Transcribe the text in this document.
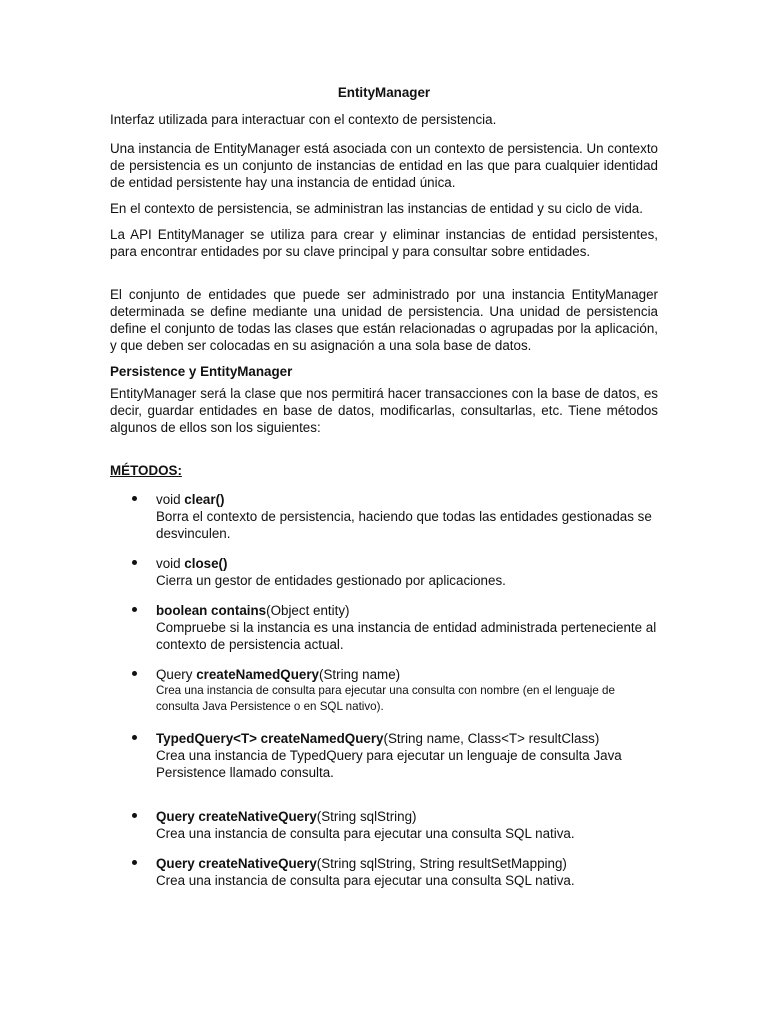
EntityManager

Interfaz utilizada para interactuar con el contexto de persistencia.

Una instancia de EntityManager está asociada con un contexto de persistencia. Un contexto de persistencia es un conjunto de instancias de entidad en las que para cualquier identidad de entidad persistente hay una instancia de entidad única.

En el contexto de persistencia, se administran las instancias de entidad y su ciclo de vida.

La API EntityManager se utiliza para crear y eliminar instancias de entidad persistentes, para encontrar entidades por su clave principal y para consultar sobre entidades.

El conjunto de entidades que puede ser administrado por una instancia EntityManager determinada se define mediante una unidad de persistencia. Una unidad de persistencia define el conjunto de todas las clases que están relacionadas o agrupadas por la aplicación, y que deben ser colocadas en su asignación a una sola base de datos.

Persistence y EntityManager

EntityManager será la clase que nos permitirá hacer transacciones con la base de datos, es decir, guardar entidades en base de datos, modificarlas, consultarlas, etc. Tiene métodos algunos de ellos son los siguientes:

MÉTODOS:
void clear()
Borra el contexto de persistencia, haciendo que todas las entidades gestionadas se desvinculen.
void close()
Cierra un gestor de entidades gestionado por aplicaciones.
boolean contains(Object entity)
Compruebe si la instancia es una instancia de entidad administrada perteneciente al contexto de persistencia actual.
Query createNamedQuery(String name)
Crea una instancia de consulta para ejecutar una consulta con nombre (en el lenguaje de consulta Java Persistence o en SQL nativo).
TypedQuery<T> createNamedQuery(String name, Class<T> resultClass)
Crea una instancia de TypedQuery para ejecutar un lenguaje de consulta Java Persistence llamado consulta.
Query createNativeQuery(String sqlString)
Crea una instancia de consulta para ejecutar una consulta SQL nativa.
Query createNativeQuery(String sqlString, String resultSetMapping)
Crea una instancia de consulta para ejecutar una consulta SQL nativa.
